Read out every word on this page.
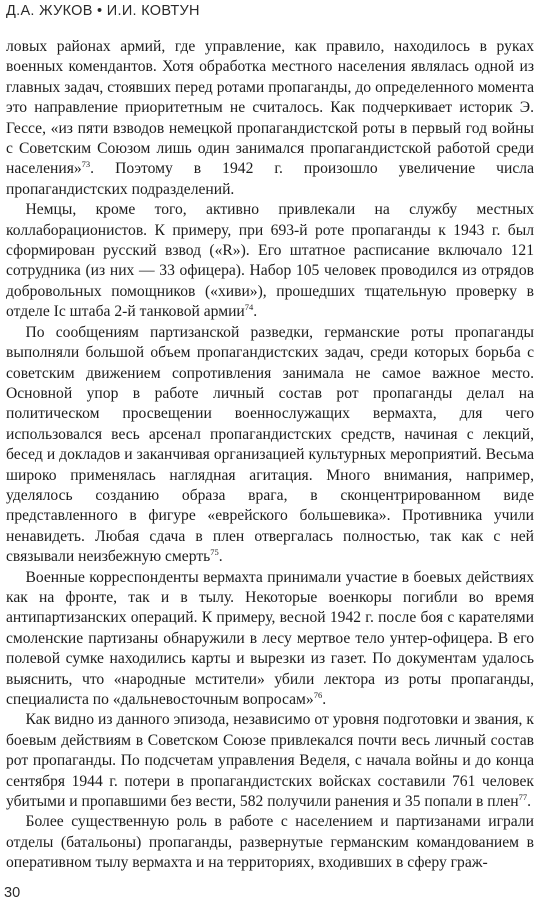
Д.А. ЖУКОВ • И.И. КОВТУН

ловых районах армий, где управление, как правило, находилось в руках военных комендантов. Хотя обработка местного населения являлась одной из главных задач, стоявших перед ротами пропаганды, до определенного момента это направление приоритетным не считалось. Как подчеркивает историк Э. Гессе, «из пяти взводов немецкой пропагандистской роты в первый год войны с Советским Союзом лишь один занимался пропагандистской работой среди населения»$^{73}$. Поэтому в 1942 г. произошло увеличение числа пропагандистских подразделений.

Немцы, кроме того, активно привлекали на службу местных коллаборационистов. К примеру, при 693-й роте пропаганды к 1943 г. был сформирован русский взвод («R»). Его штатное расписание включало 121 сотрудника (из них — 33 офицера). Набор 105 человек проводился из отрядов добровольных помощников («хиви»), прошедших тщательную проверку в отделе Ic штаба 2-й танковой армии$^{74}$.

По сообщениям партизанской разведки, германские роты пропаганды выполняли большой объем пропагандистских задач, среди которых борьба с советским движением сопротивления занимала не самое важное место. Основной упор в работе личный состав рот пропаганды делал на политическом просвещении военнослужащих вермахта, для чего использовался весь арсенал пропагандистских средств, начиная с лекций, бесед и докладов и заканчивая организацией культурных мероприятий. Весьма широко применялась наглядная агитация. Много внимания, например, уделялось созданию образа врага, в сконцентрированном виде представленного в фигуре «еврейского большевика». Противника учили ненавидеть. Любая сдача в плен отвергалась полностью, так как с ней связывали неизбежную смерть$^{75}$.

Военные корреспонденты вермахта принимали участие в боевых действиях как на фронте, так и в тылу. Некоторые военкоры погибли во время антипартизанских операций. К примеру, весной 1942 г. после боя с карателями смоленские партизаны обнаружили в лесу мертвое тело унтер-офицера. В его полевой сумке находились карты и вырезки из газет. По документам удалось выяснить, что «народные мстители» убили лектора из роты пропаганды, специалиста по «дальневосточным вопросам»$^{76}$.

Как видно из данного эпизода, независимо от уровня подготовки и звания, к боевым действиям в Советском Союзе привлекался почти весь личный состав рот пропаганды. По подсчетам управления Веделя, с начала войны и до конца сентября 1944 г. потери в пропагандистских войсках составили 761 человек убитыми и пропавшими без вести, 582 получили ранения и 35 попали в плен$^{77}$.

Более существенную роль в работе с населением и партизанами играли отделы (батальоны) пропаганды, развернутые германским командованием в оперативном тылу вермахта и на территориях, входивших в сферу граж-

30
